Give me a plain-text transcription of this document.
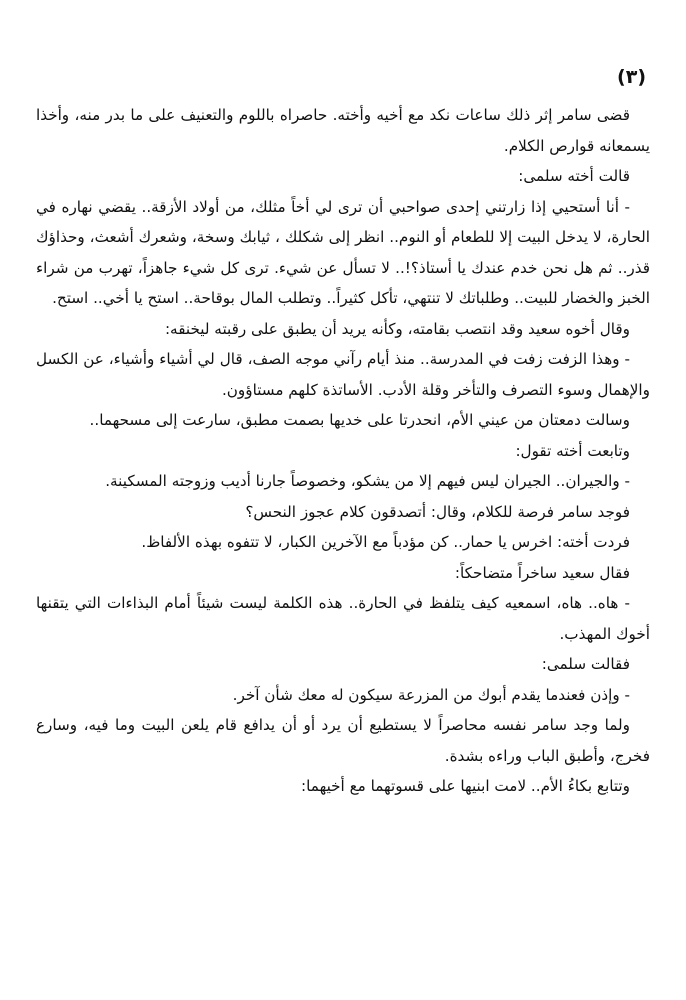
(٣)

قضى سامر إثر ذلك ساعات نكد مع أخيه وأخته. حاصراه باللوم والتعنيف على ما بدر منه، وأخذا يسمعانه قوارص الكلام.

قالت أخته سلمى:

- أنا أستحيي إذا زارتني إحدى صواحبي أن ترى لي أخاً مثلك، من أولاد الأزقة.. يقضي نهاره في الحارة، لا يدخل البيت إلا للطعام أو النوم.. انظر إلى شكلك ، ثيابك وسخة، وشعرك أشعث، وحذاؤك قذر.. ثم هل نحن خدم عندك يا أستاذ؟!.. لا تسأل عن شيء. ترى كل شيء جاهزاً، تهرب من شراء الخبز والخضار للبيت.. وطلباتك لا تنتهي، تأكل كثيراً.. وتطلب المال بوقاحة.. استح يا أخي.. استح.

وقال أخوه سعيد وقد انتصب بقامته، وكأنه يريد أن يطبق على رقبته ليخنقه:

- وهذا الزفت زفت في المدرسة.. منذ أيام رآني موجه الصف، قال لي أشياء وأشياء، عن الكسل والإهمال وسوء التصرف والتأخر وقلة الأدب. الأساتذة كلهم مستاؤون.

وسالت دمعتان من عيني الأم، انحدرتا على خديها بصمت مطبق، سارعت إلى مسحهما..

وتابعت أخته تقول:

- والجيران.. الجيران ليس فيهم إلا من يشكو، وخصوصاً جارنا أديب وزوجته المسكينة.

فوجد سامر فرصة للكلام، وقال: أتصدقون كلام عجوز النحس؟

فردت أخته: اخرس يا حمار.. كن مؤدباً مع الآخرين الكبار، لا تتفوه بهذه الألفاظ.

فقال سعيد ساخراً متضاحكاً:

- هاه.. هاه، اسمعيه كيف يتلفظ في الحارة.. هذه الكلمة ليست شيئاً أمام البذاءات التي يتقنها أخوك المهذب.

فقالت سلمى:

- وإذن فعندما يقدم أبوك من المزرعة سيكون له معك شأن آخر.

ولما وجد سامر نفسه محاصراً لا يستطيع أن يرد أو أن يدافع قام يلعن البيت وما فيه، وسارع فخرج، وأطبق الباب وراءه بشدة.

وتتابع بكاءُ الأم.. لامت ابنيها على قسوتهما مع أخيهما:
